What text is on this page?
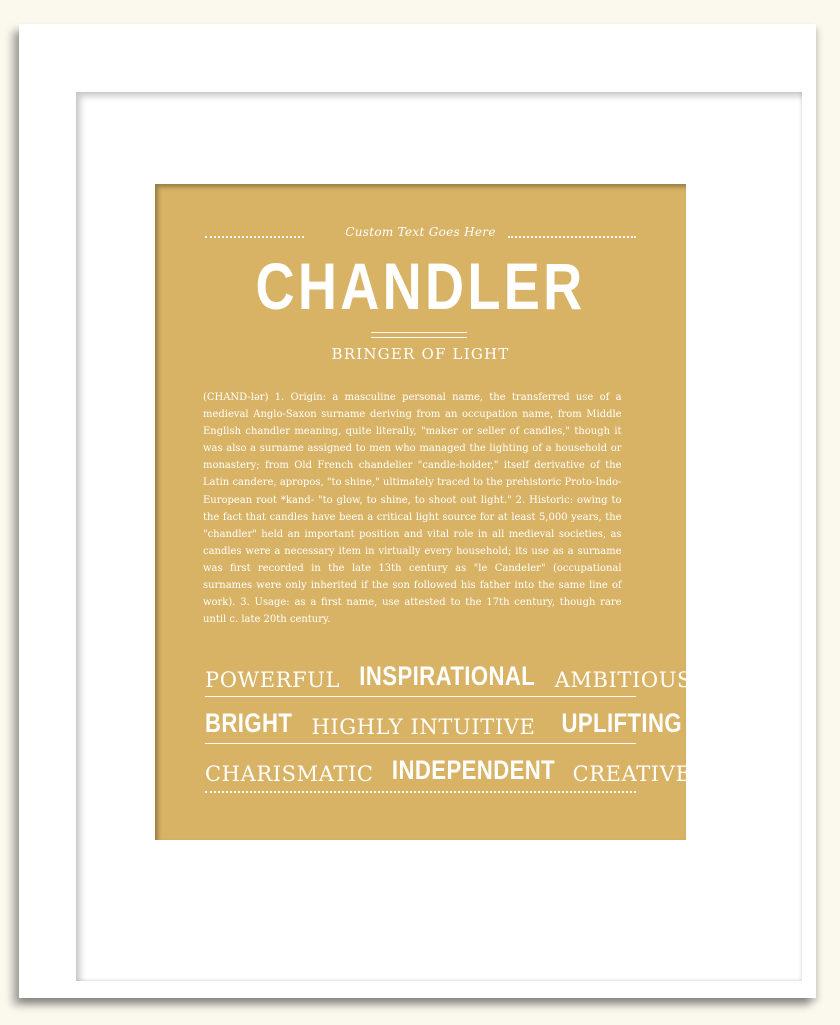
Custom Text Goes Here
CHANDLER
BRINGER OF LIGHT

(CHAND-lər) 1. Origin: a masculine personal name, the transferred use of a medieval Anglo-Saxon surname deriving from an occupation name, from Middle English chandler meaning, quite literally, "maker or seller of candles," though it was also a surname assigned to men who managed the lighting of a household or monastery; from Old French chandelier "candle-holder," itself derivative of the Latin candere, apropos, "to shine," ultimately traced to the prehistoric Proto-Indo-European root *kand- "to glow, to shine, to shoot out light." 2. Historic: owing to the fact that candles have been a critical light source for at least 5,000 years, the "chandler" held an important position and vital role in all medieval societies, as candles were a necessary item in virtually every household; its use as a surname was first recorded in the late 13th century as "le Candeler" (occupational surnames were only inherited if the son followed his father into the same line of work). 3. Usage: as a first name, use attested to the 17th century, though rare until c. late 20th century.

POWERFUL INSPIRATIONAL AMBITIOUS
BRIGHT HIGHLY INTUITIVE UPLIFTING
CHARISMATIC INDEPENDENT CREATIVE
